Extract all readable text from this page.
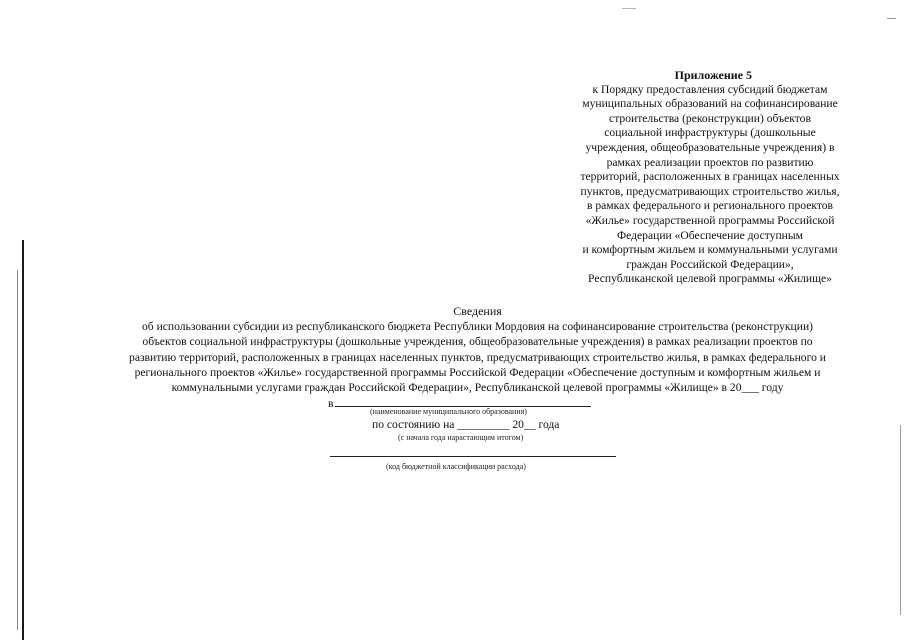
Приложение 5
к Порядку предоставления субсидий бюджетам
муниципальных образований на софинансирование
строительства (реконструкции) объектов
социальной инфраструктуры (дошкольные
учреждения, общеобразовательные учреждения) в
рамках реализации проектов по развитию
территорий, расположенных в границах населенных
пунктов, предусматривающих строительство жилья,
в рамках федерального и регионального проектов
«Жилье» государственной программы Российской
Федерации «Обеспечение доступным
и комфортным жильем и коммунальными услугами
граждан Российской Федерации»,
Республиканской целевой программы «Жилище»
Сведения
об использовании субсидии из республиканского бюджета Республики Мордовия на софинансирование строительства (реконструкции)
объектов социальной инфраструктуры (дошкольные учреждения, общеобразовательные учреждения) в рамках реализации проектов по
развитию территорий, расположенных в границах населенных пунктов, предусматривающих строительство жилья, в рамках федерального и
регионального проектов «Жилье» государственной программы Российской Федерации «Обеспечение доступным и комфортным жильем и
коммунальными услугами граждан Российской Федерации», Республиканской целевой программы «Жилище» в 20___ году
в
(наименование муниципального образования)
по состоянию на _________ 20__ года
(с начала года нарастающим итогом)
(код бюджетной классификации расхода)
